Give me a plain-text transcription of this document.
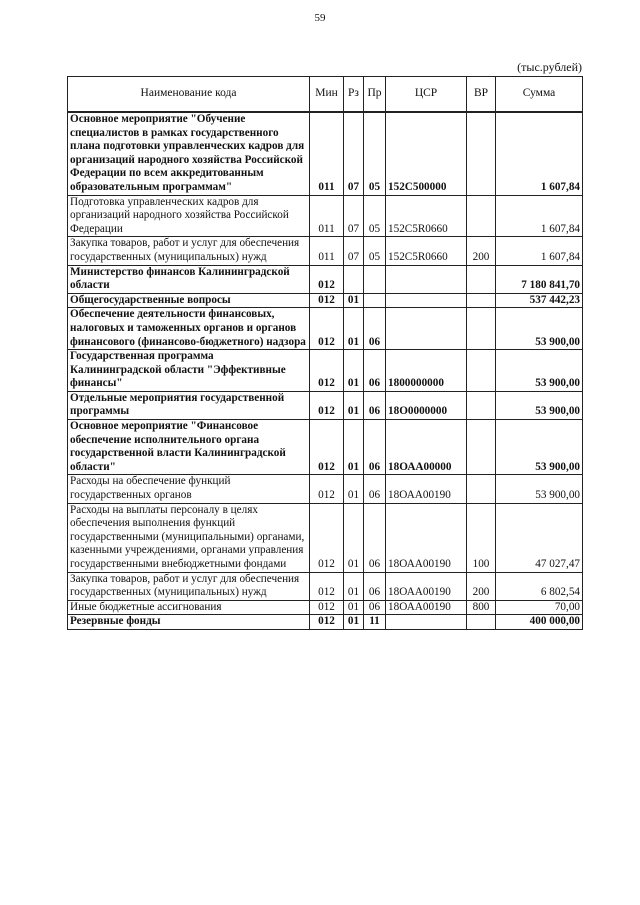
59
(тыс.рублей)
Наименование кода	Мин	Рз	Пр	ЦСР	ВР	Сумма
Основное мероприятие "Обучение специалистов в рамках государственного плана подготовки управленческих кадров для организаций народного хозяйства Российской Федерации по всем аккредитованным образовательным программам"	011	07	05	152С500000		1 607,84
Подготовка управленческих кадров для организаций народного хозяйства Российской Федерации	011	07	05	152С5R0660		1 607,84
Закупка товаров, работ и услуг для обеспечения государственных (муниципальных) нужд	011	07	05	152С5R0660	200	1 607,84
Министерство финансов Калининградской области	012					7 180 841,70
Общегосударственные вопросы	012	01				537 442,23
Обеспечение деятельности финансовых, налоговых и таможенных органов и органов финансового (финансово-бюджетного) надзора	012	01	06			53 900,00
Государственная программа Калининградской области "Эффективные финансы"	012	01	06	1800000000		53 900,00
Отдельные мероприятия государственной программы	012	01	06	18О0000000		53 900,00
Основное мероприятие "Финансовое обеспечение исполнительного органа государственной власти Калининградской области"	012	01	06	18ОАА00000		53 900,00
Расходы на обеспечение функций государственных органов	012	01	06	18ОАА00190		53 900,00
Расходы на выплаты персоналу в целях обеспечения выполнения функций государственными (муниципальными) органами, казенными учреждениями, органами управления государственными внебюджетными фондами	012	01	06	18ОАА00190	100	47 027,47
Закупка товаров, работ и услуг для обеспечения государственных (муниципальных) нужд	012	01	06	18ОАА00190	200	6 802,54
Иные бюджетные ассигнования	012	01	06	18ОАА00190	800	70,00
Резервные фонды	012	01	11			400 000,00
